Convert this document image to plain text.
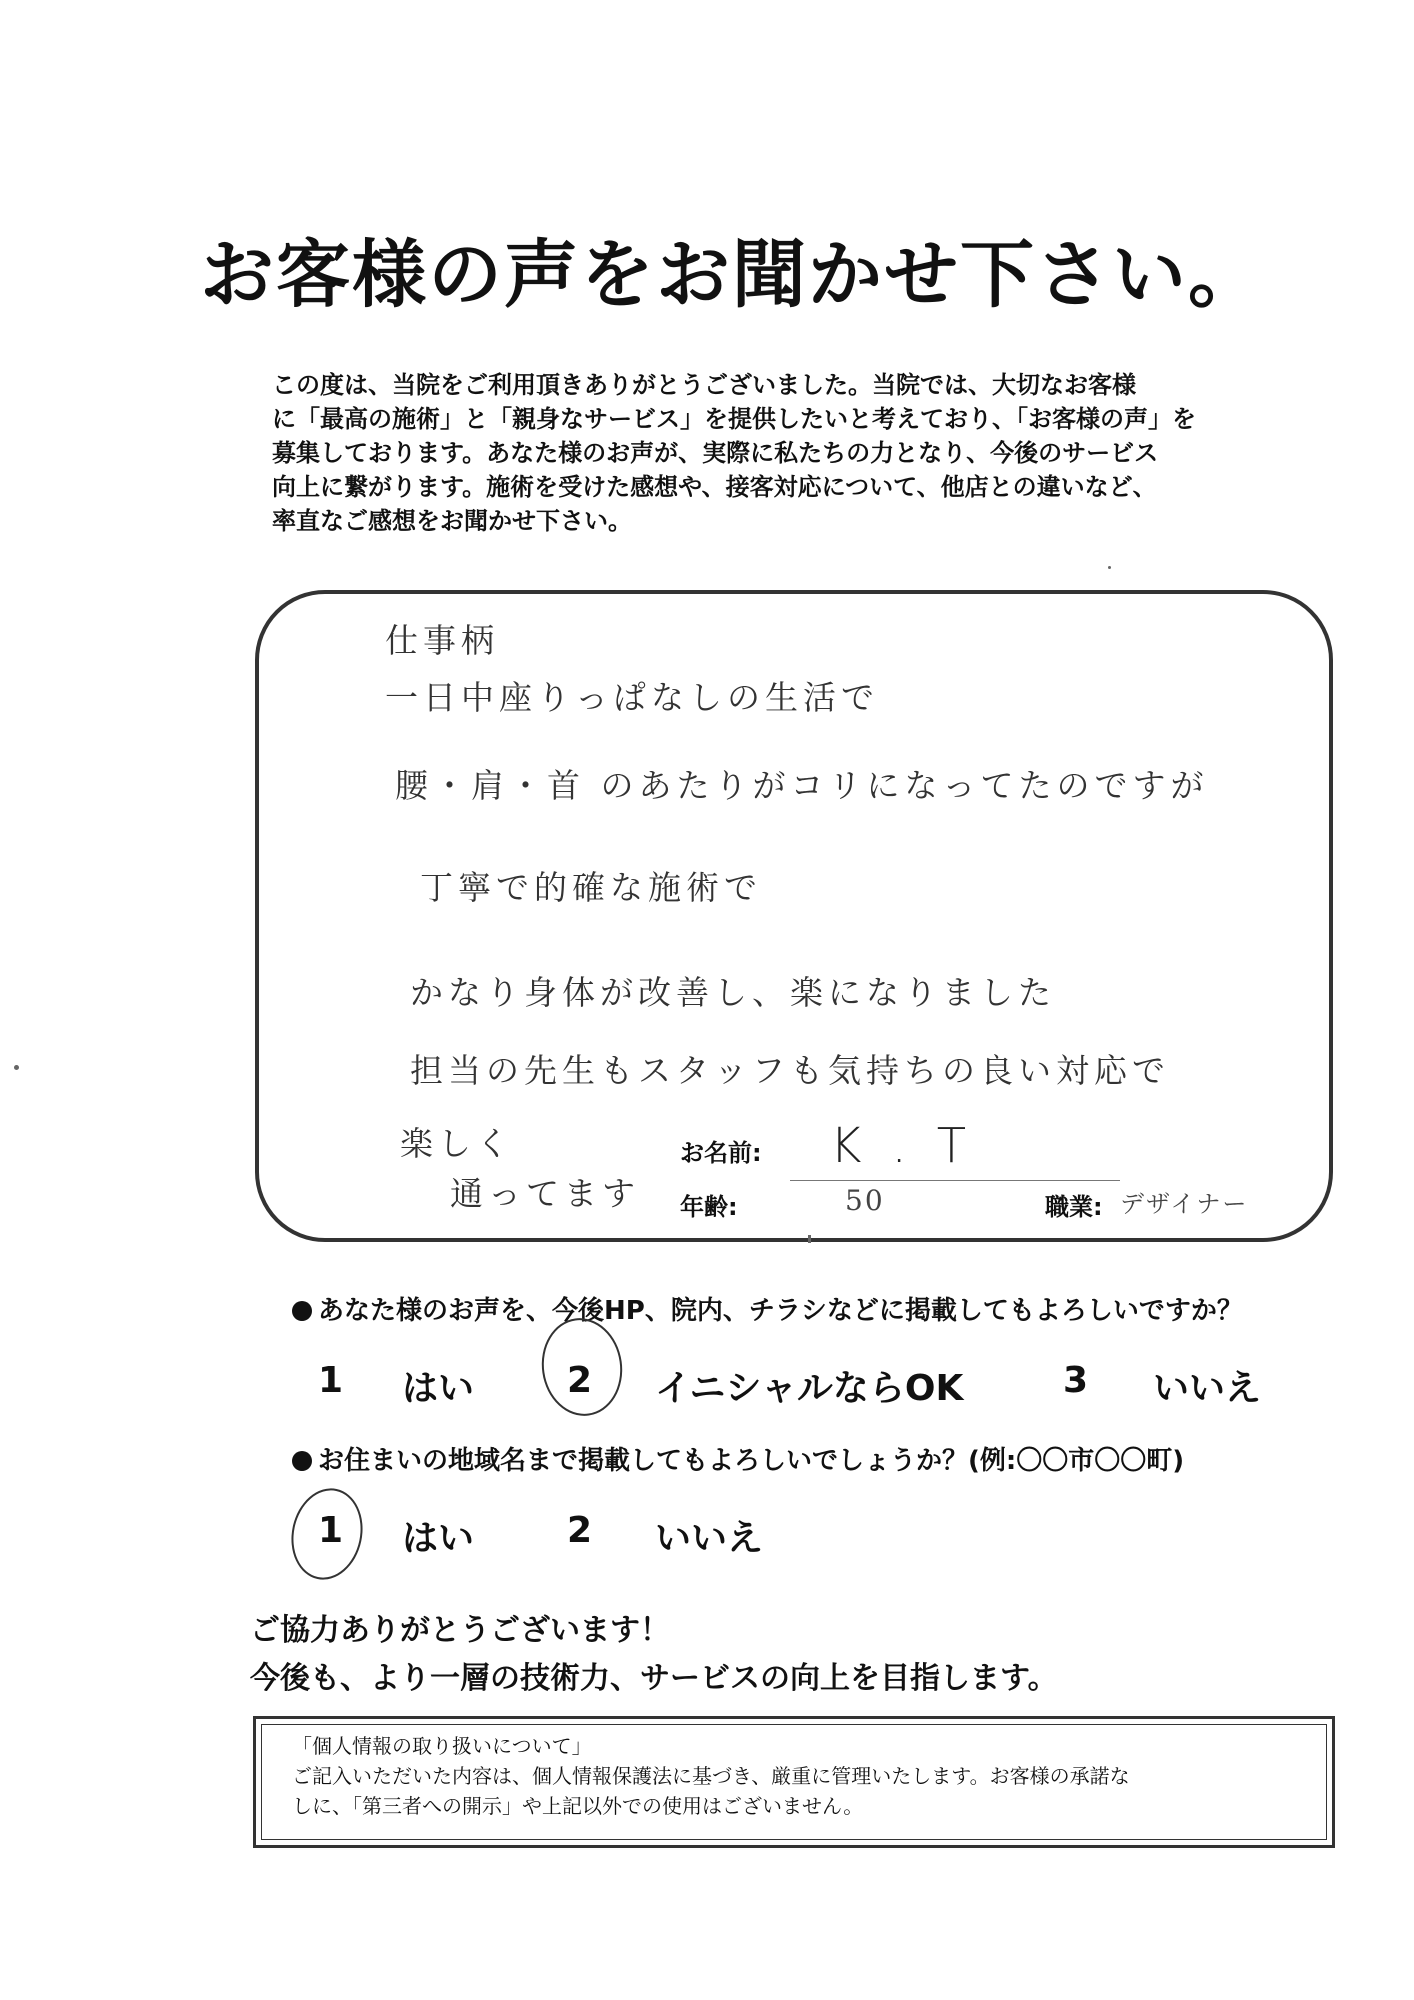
お客様の声をお聞かせ下さい。
この度は、当院をご利用頂きありがとうございました。当院では、大切なお客様
に「最高の施術」と「親身なサービス」を提供したいと考えており、「お客様の声」を
募集しております。あなた様のお声が、実際に私たちの力となり、今後のサービス
向上に繋がります。施術を受けた感想や、接客対応について、他店との違いなど、
率直なご感想をお聞かせ下さい。
仕事柄
一日中座りっぱなしの生活で
腰・肩・首 のあたりがコリになってたのですが
丁寧で的確な施術で
かなり身体が改善し、楽になりました
担当の先生もスタッフも気持ちの良い対応で
楽しく
通ってます
お名前: K.T
年齢:	50	職業: デザイナー
あなた様のお声を、今後HP、院内、チラシなどに掲載してもよろしいですか？
1 はい	2 イニシャルならOK	3 いいえ
お住まいの地域名まで掲載してもよろしいでしょうか？(例:〇〇市〇〇町)
1 はい	2 いいえ
ご協力ありがとうございます！
今後も、より一層の技術力、サービスの向上を目指します。
「個人情報の取り扱いについて」
ご記入いただいた内容は、個人情報保護法に基づき、厳重に管理いたします。お客様の承諾な
しに、「第三者への開示」や上記以外での使用はございません。
